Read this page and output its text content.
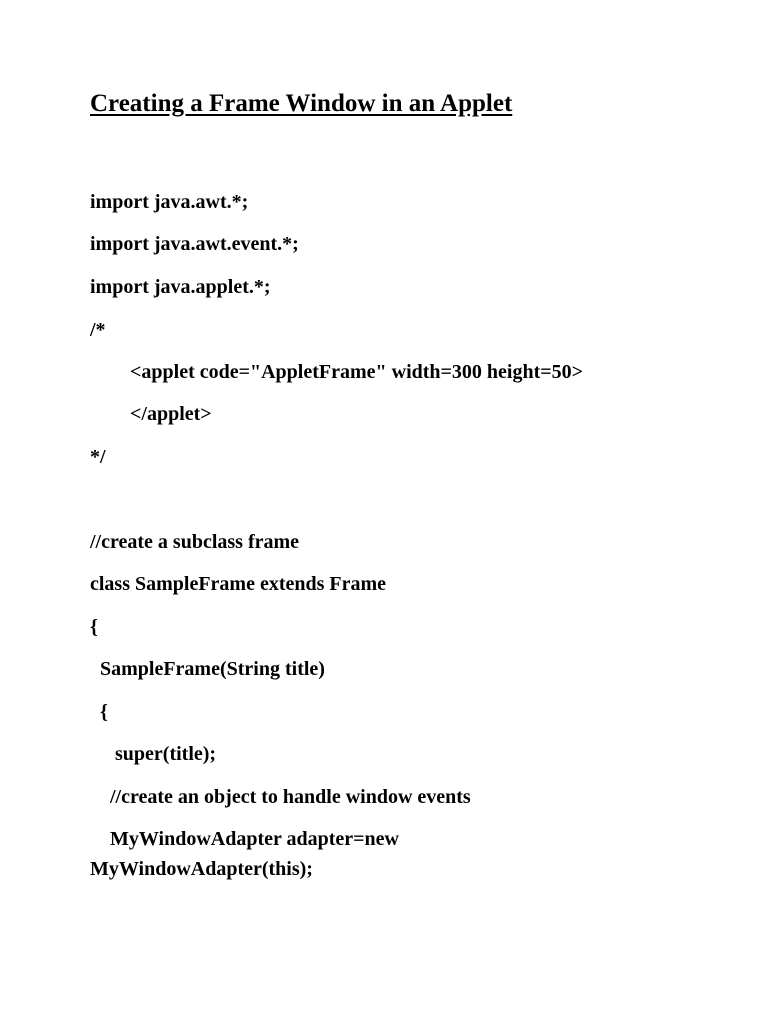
Creating a Frame Window in an Applet

import java.awt.*;

import java.awt.event.*;

import java.applet.*;

/*

<applet code="AppletFrame" width=300 height=50>

</applet>

*/

//create a subclass frame

class SampleFrame extends Frame

{

SampleFrame(String title)

{

super(title);

//create an object to handle window events

MyWindowAdapter adapter=new

MyWindowAdapter(this);
